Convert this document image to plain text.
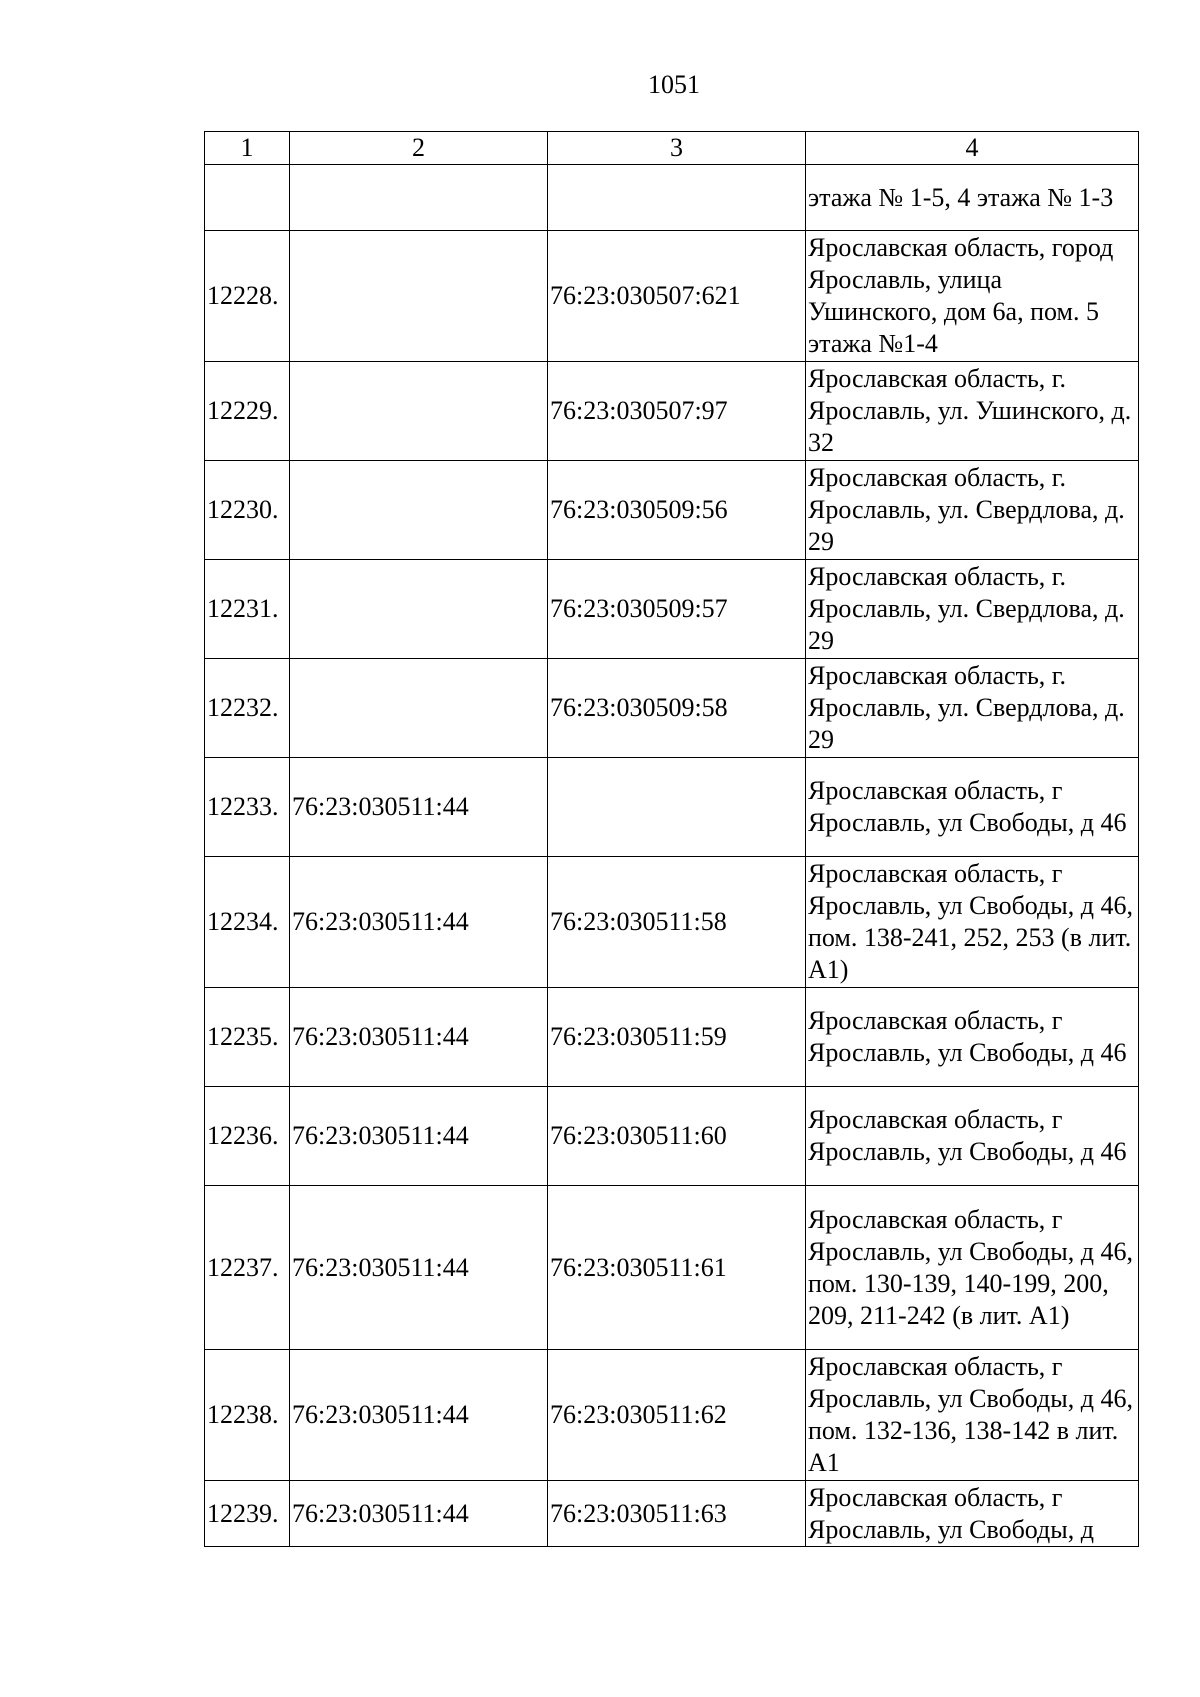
1051
1	2	3	4
			этажа № 1-5, 4 этажа № 1-3
12228.		76:23:030507:621	Ярославская область, город Ярославль, улица Ушинского, дом 6а, пом. 5 этажа №1-4
12229.		76:23:030507:97	Ярославская область, г. Ярославль, ул. Ушинского, д. 32
12230.		76:23:030509:56	Ярославская область, г. Ярославль, ул. Свердлова, д. 29
12231.		76:23:030509:57	Ярославская область, г. Ярославль, ул. Свердлова, д. 29
12232.		76:23:030509:58	Ярославская область, г. Ярославль, ул. Свердлова, д. 29
12233.	76:23:030511:44		Ярославская область, г Ярославль, ул Свободы, д 46
12234.	76:23:030511:44	76:23:030511:58	Ярославская область, г Ярославль, ул Свободы, д 46, пом. 138-241, 252, 253 (в лит. А1)
12235.	76:23:030511:44	76:23:030511:59	Ярославская область, г Ярославль, ул Свободы, д 46
12236.	76:23:030511:44	76:23:030511:60	Ярославская область, г Ярославль, ул Свободы, д 46
12237.	76:23:030511:44	76:23:030511:61	Ярославская область, г Ярославль, ул Свободы, д 46, пом. 130-139, 140-199, 200, 209, 211-242 (в лит. А1)
12238.	76:23:030511:44	76:23:030511:62	Ярославская область, г Ярославль, ул Свободы, д 46, пом. 132-136, 138-142 в лит. А1
12239.	76:23:030511:44	76:23:030511:63	Ярославская область, г Ярославль, ул Свободы, д
